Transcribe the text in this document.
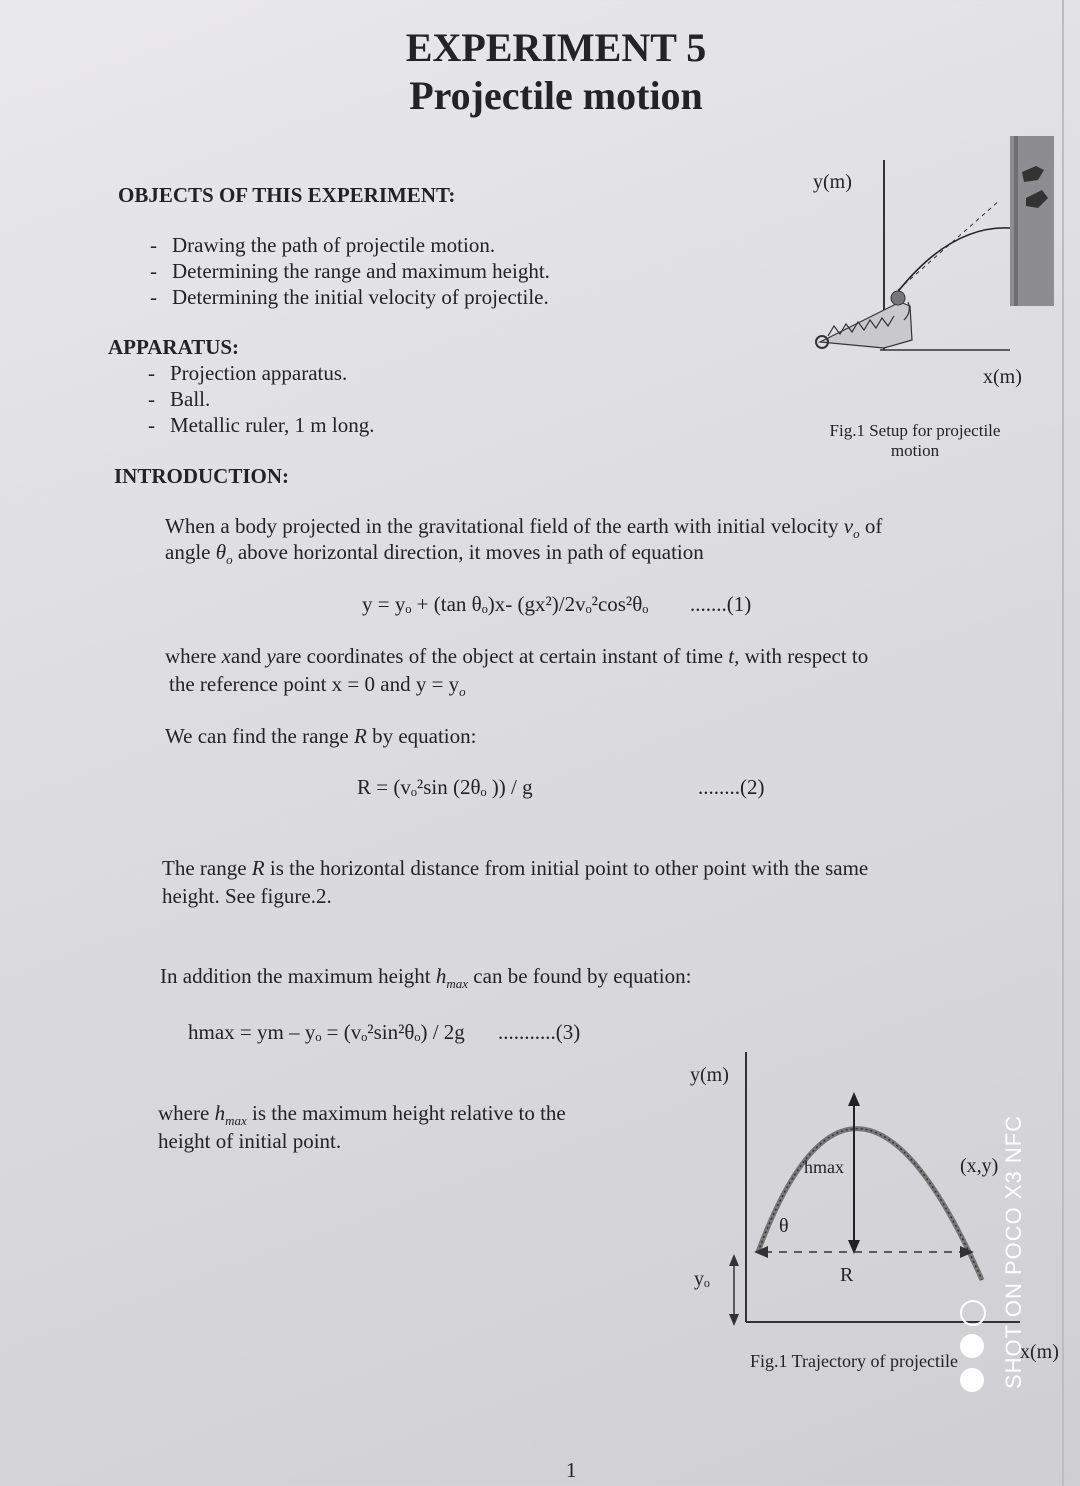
EXPERIMENT 5
Projectile motion
OBJECTS OF THIS EXPERIMENT:
- Drawing the path of projectile motion.
- Determining the range and maximum height.
- Determining the initial velocity of projectile.
APPARATUS:
- Projection apparatus.
- Ball.
- Metallic ruler, 1 m long.
y(m)
x(m)
Fig.1 Setup for projectile
motion
INTRODUCTION:
When a body projected in the gravitational field of the earth with initial velocity $v_o$ of
angle $\theta_o$ above horizontal direction, it moves in path of equation
y = yₒ + (tan θₒ)x- (gx²)/2vₒ²cos²θₒ .......(1)
where xand yare coordinates of the object at certain instant of time t, with respect to
the reference point x = 0 and $y = y_o$
We can find the range R by equation:
R = (vₒ²sin (2θₒ )) / g	........(2)
The range R is the horizontal distance from initial point to other point with the same
height. See figure.2.
In addition the maximum height $h_{max}$ can be found by equation:
hmax = ym – yₒ = (vₒ²sin²θₒ) / 2g ...........(3)
where $h_{max}$ is the maximum height relative to the
height of initial point.
y(m)
hmax	(x,y)
θ
yₒ	R
x(m)
Fig.1 Trajectory of projectile
1
SHOT ON POCO X3 NFC
